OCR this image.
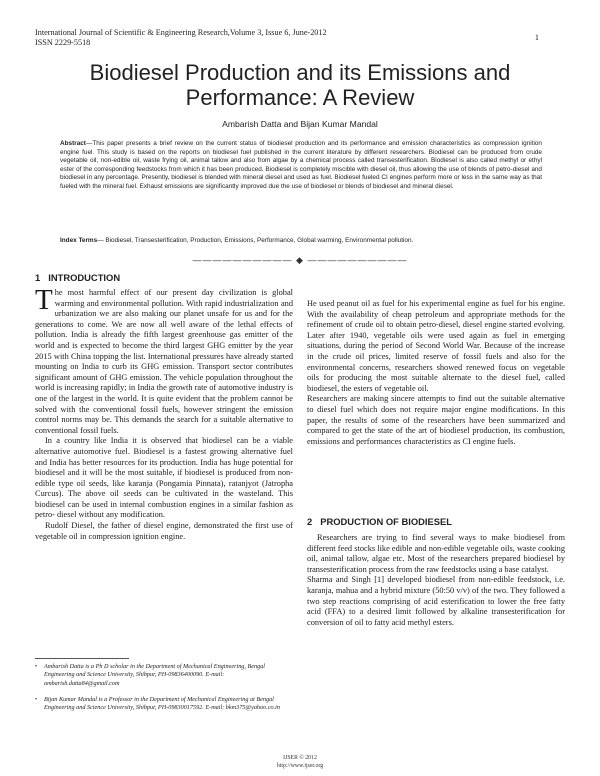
International Journal of Scientific & Engineering Research,Volume 3, Issue 6, June-2012
ISSN 2229-5518
1
Biodiesel Production and its Emissions and Performance: A Review
Ambarish Datta and Bijan Kumar Mandal
Abstract—This paper presents a brief review on the current status of biodiesel production and its performance and emission characteristics as compression ignition engine fuel. This study is based on the reports on biodiesel fuel published in the current literature by different researchers. Biodiesel can be produced from crude vegetable oil, non-edible oil, waste frying oil, animal tallow and also from algae by a chemical process called transesterification. Biodiesel is also called methyl or ethyl ester of the corresponding feedstocks from which it has been produced. Biodiesel is completely miscible with diesel oil, thus allowing the use of blends of petro-diesel and biodiesel in any percentage. Presently, biodiesel is blended with mineral diesel and used as fuel. Biodiesel fueled CI engines perform more or less in the same way as that fueled with the mineral fuel. Exhaust emissions are significantly improved due the use of biodiesel or blends of biodiesel and mineral diesel.
Index Terms— Biodiesel, Transesterification, Production, Emissions, Performance, Global warming, Environmental pollution.
—————————— ◆ ——————————
1 INTRODUCTION

The most harmful effect of our present day civilization is global warming and environmental pollution. With rapid industrialization and urbanization we are also making our planet unsafe for us and for the generations to come. We are now all well aware of the lethal effects of pollution. India is already the fifth largest greenhouse gas emitter of the world and is expected to become the third largest GHG emitter by the year 2015 with China topping the list. International pressures have already started mounting on India to curb its GHG emission. Transport sector contributes significant amount of GHG emission. The vehicle population throughout the world is increasing rapidly; in India the growth rate of automotive industry is one of the largest in the world. It is quite evident that the problem cannot be solved with the conventional fossil fuels, however stringent the emission control norms may be. This demands the search for a suitable alternative to conventional fossil fuels.

In a country like India it is observed that biodiesel can be a viable alternative automotive fuel. Biodiesel is a fastest growing alternative fuel and India has better resources for its production. India has huge potential for biodiesel and it will be the most suitable, if biodiesel is produced from non-edible type oil seeds, like karanja (Pongamia Pinnata), ratanjyot (Jatropha Curcus). The above oil seeds can be cultivated in the wasteland. This biodiesel can be used in internal combustion engines in a similar fashion as petro- diesel without any modification.

Rudolf Diesel, the father of diesel engine, demonstrated the first use of vegetable oil in compression ignition engine.

He used peanut oil as fuel for his experimental engine as fuel for his engine. With the availability of cheap petroleum and appropriate methods for the refinement of crude oil to obtain petro-diesel, diesel engine started evolving. Later after 1940, vegetable oils were used again as fuel in emerging situations, during the period of Second World War. Because of the increase in the crude oil prices, limited reserve of fossil fuels and also for the environmental concerns, researchers showed renewed focus on vegetable oils for producing the most suitable alternate to the diesel fuel, called biodiesel, the esters of vegetable oil.

Researchers are making sincere attempts to find out the suitable alternative to diesel fuel which does not require major engine modifications. In this paper, the results of some of the researchers have been summarized and compared to get the state of the art of biodiesel production, its combustion, emissions and performances characteristics as CI engine fuels.

2 PRODUCTION OF BIODIESEL

Researchers are trying to find several ways to make biodiesel from different feed stocks like edible and non-edible vegetable oils, waste cooking oil, animal tallow, algae etc. Most of the researchers prepared biodiesel by transesterification process from the raw feedstocks using a base catalyst.

Sharma and Singh [1] developed biodiesel from non-edible feedstock, i.e. karanja, mahua and a hybrid mixture (50:50 v/v) of the two. They followed a two step reactions comprising of acid esterification to lower the free fatty acid (FFA) to a desired limit followed by alkaline transesterification for conversion of oil to fatty acid methyl esters.

•	Ambarish Datta is a Ph D scholar in the Department of Mechanical Engineering, Bengal Engineering and Science University, Shibpur, PH-09836400090. E-mail: ambarish.datta84@gmail.com
•	Bijan Kumar Mandal is a Professor in the Department of Mechanical Engineering at Bengal Engineering and Science University, Shibpur, PH-09830017592. E-mail: bkm375@yahoo.co.in
IJSER © 2012
http://www.ijser.org
